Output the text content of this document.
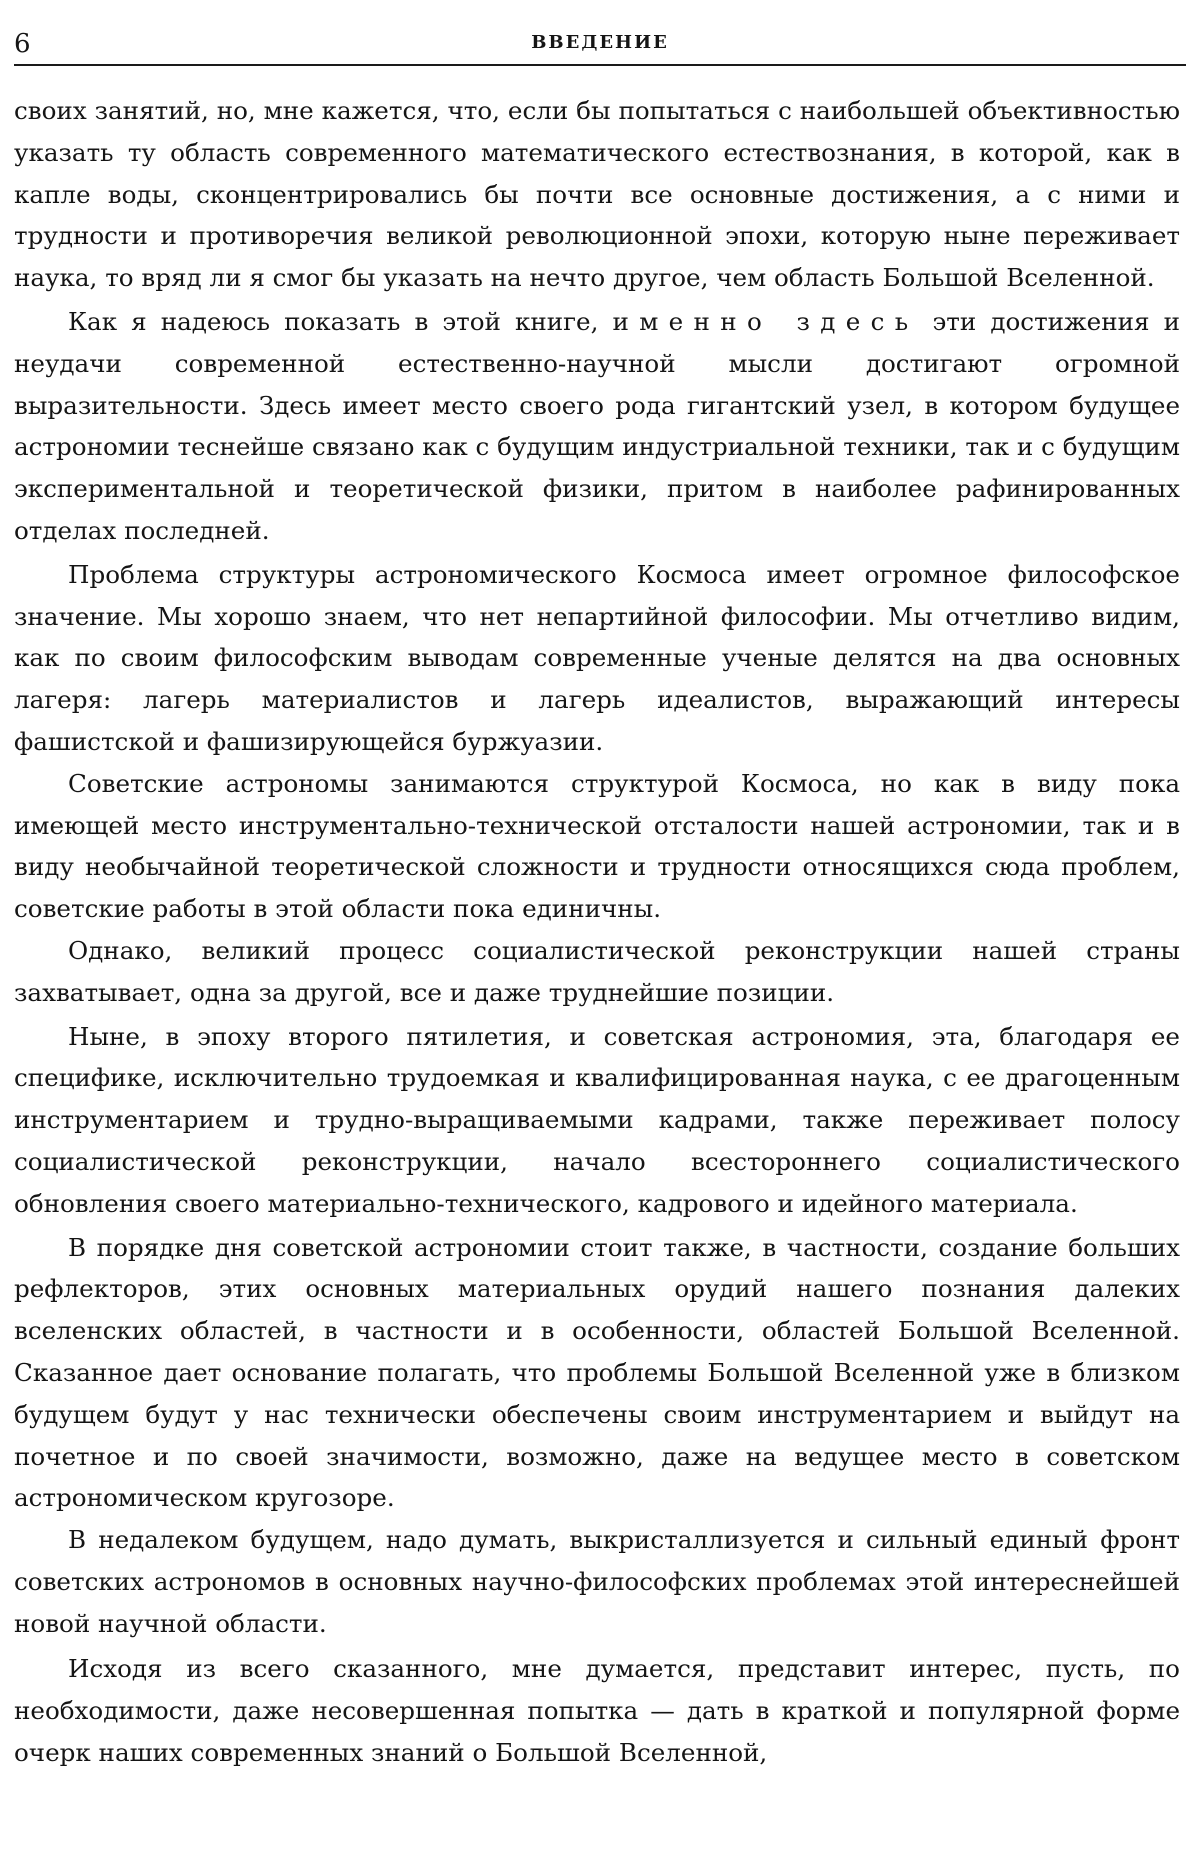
6	ВВЕДЕНИЕ

своих занятий, но, мне кажется, что, если бы попытаться с наибольшей объективностью указать ту область современного математического естествознания, в которой, как в капле воды, сконцентрировались бы почти все основные достижения, а с ними и трудности и противоречия великой революционной эпохи, которую ныне переживает наука, то вряд ли я смог бы указать на нечто другое, чем область Большой Вселенной.

Как я надеюсь показать в этой книге, именно здесь эти достижения и неудачи современной естественно-научной мысли достигают огромной выразительности. Здесь имеет место своего рода гигантский узел, в котором будущее астрономии теснейше связано как с будущим индустриальной техники, так и с будущим экспериментальной и теоретической физики, притом в наиболее рафинированных отделах последней.

Проблема структуры астрономического Космоса имеет огромное философское значение. Мы хорошо знаем, что нет непартийной философии. Мы отчетливо видим, как по своим философским выводам современные ученые делятся на два основных лагеря: лагерь материалистов и лагерь идеалистов, выражающий интересы фашистской и фашизирующейся буржуазии.

Советские астрономы занимаются структурой Космоса, но как в виду пока имеющей место инструментально-технической отсталости нашей астрономии, так и в виду необычайной теоретической сложности и трудности относящихся сюда проблем, советские работы в этой области пока единичны.

Однако, великий процесс социалистической реконструкции нашей страны захватывает, одна за другой, все и даже труднейшие позиции.

Ныне, в эпоху второго пятилетия, и советская астрономия, эта, благодаря ее специфике, исключительно трудоемкая и квалифицированная наука, с ее драгоценным инструментарием и трудно-выращиваемыми кадрами, также переживает полосу социалистической реконструкции, начало всестороннего социалистического обновления своего материально-технического, кадрового и идейного материала.

В порядке дня советской астрономии стоит также, в частности, создание больших рефлекторов, этих основных материальных орудий нашего познания далеких вселенских областей, в частности и в особенности, областей Большой Вселенной. Сказанное дает основание полагать, что проблемы Большой Вселенной уже в близком будущем будут у нас технически обеспечены своим инструментарием и выйдут на почетное и по своей значимости, возможно, даже на ведущее место в советском астрономическом кругозоре.

В недалеком будущем, надо думать, выкристаллизуется и сильный единый фронт советских астрономов в основных научно-философских проблемах этой интереснейшей новой научной области.

Исходя из всего сказанного, мне думается, представит интерес, пусть, по необходимости, даже несовершенная попытка — дать в краткой и популярной форме очерк наших современных знаний о Большой Вселенной,
